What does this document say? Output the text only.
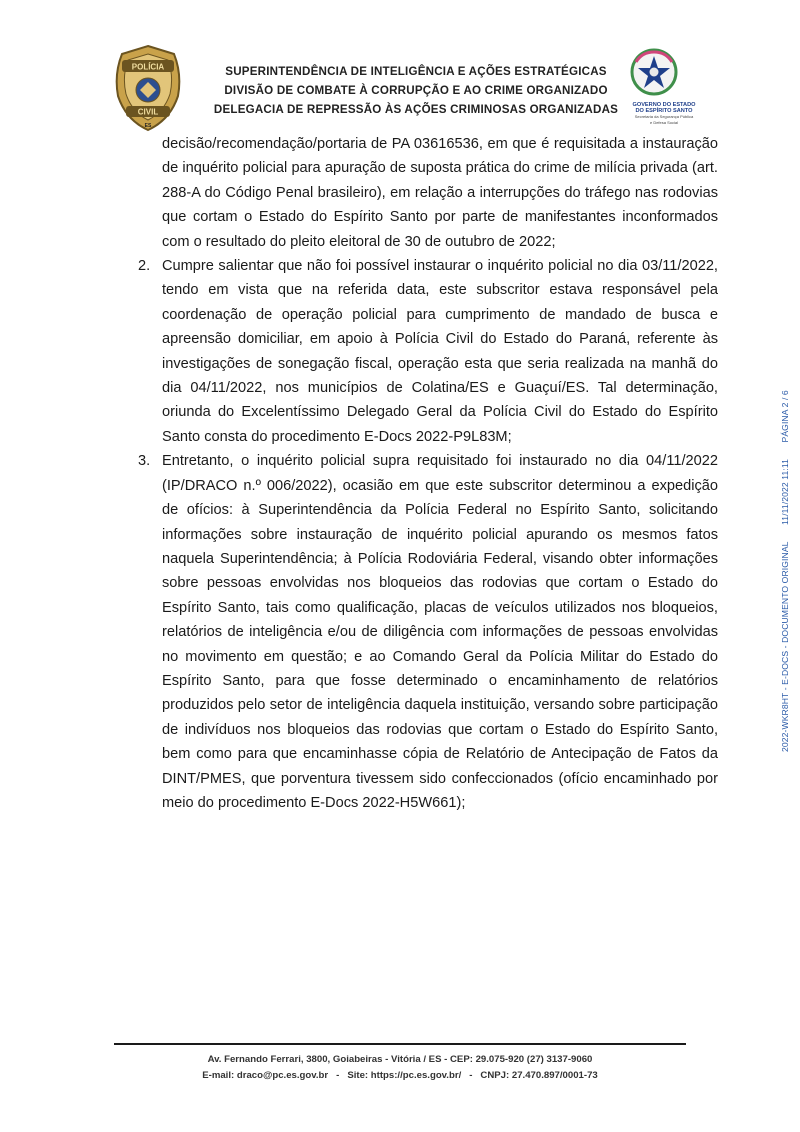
POLÍCIA
CIVIL
ES
SUPERINTENDÊNCIA DE INTELIGÊNCIA E AÇÕES ESTRATÉGICAS
DIVISÃO DE COMBATE À CORRUPÇÃO E AO CRIME ORGANIZADO
DELEGACIA DE REPRESSÃO ÀS AÇÕES CRIMINOSAS ORGANIZADAS	GOVERNO DO ESTADO
DO ESPÍRITO SANTO
Secretaria da Segurança Pública
e Defesa Social

decisão/recomendação/portaria de PA 03616536, em que é requisitada a instauração de inquérito policial para apuração de suposta prática do crime de milícia privada (art. 288-A do Código Penal brasileiro), em relação a interrupções do tráfego nas rodovias que cortam o Estado do Espírito Santo por parte de manifestantes inconformados com o resultado do pleito eleitoral de 30 de outubro de 2022;

2. Cumpre salientar que não foi possível instaurar o inquérito policial no dia 03/11/2022, tendo em vista que na referida data, este subscritor estava responsável pela coordenação de operação policial para cumprimento de mandado de busca e apreensão domiciliar, em apoio à Polícia Civil do Estado do Paraná, referente às investigações de sonegação fiscal, operação esta que seria realizada na manhã do dia 04/11/2022, nos municípios de Colatina/ES e Guaçuí/ES. Tal determinação, oriunda do Excelentíssimo Delegado Geral da Polícia Civil do Estado do Espírito Santo consta do procedimento E-Docs 2022-P9L83M;

3. Entretanto, o inquérito policial supra requisitado foi instaurado no dia 04/11/2022 (IP/DRACO n.º 006/2022), ocasião em que este subscritor determinou a expedição de ofícios: à Superintendência da Polícia Federal no Espírito Santo, solicitando informações sobre instauração de inquérito policial apurando os mesmos fatos naquela Superintendência; à Polícia Rodoviária Federal, visando obter informações sobre pessoas envolvidas nos bloqueios das rodovias que cortam o Estado do Espírito Santo, tais como qualificação, placas de veículos utilizados nos bloqueios, relatórios de inteligência e/ou de diligência com informações de pessoas envolvidas no movimento em questão; e ao Comando Geral da Polícia Militar do Estado do Espírito Santo, para que fosse determinado o encaminhamento de relatórios produzidos pelo setor de inteligência daquela instituição, versando sobre participação de indivíduos nos bloqueios das rodovias que cortam o Estado do Espírito Santo, bem como para que encaminhasse cópia de Relatório de Antecipação de Fatos da DINT/PMES, que porventura tivessem sido confeccionados (ofício encaminhado por meio do procedimento E-Docs 2022-H5W661);

2022-WKR8HT - E-DOCS - DOCUMENTO ORIGINAL 11/11/2022 11:11 PÁGINA 2 / 6
Av. Fernando Ferrari, 3800, Goiabeiras - Vitória / ES - CEP: 29.075-920 (27) 3137-9060
E-mail: draco@pc.es.gov.br   -   Site: https://pc.es.gov.br/   -   CNPJ: 27.470.897/0001-73
